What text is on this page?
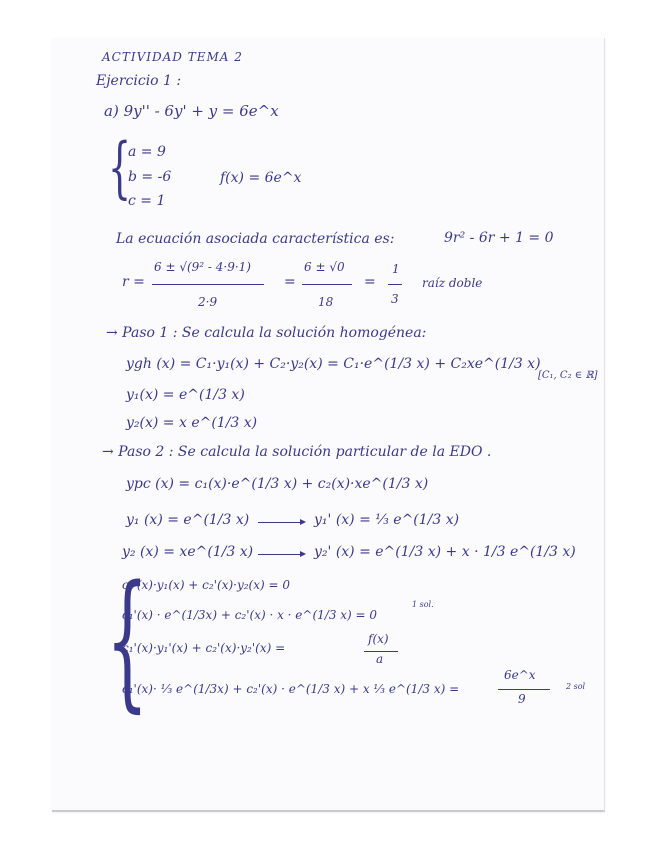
ACTIVIDAD TEMA 2
Ejercicio 1 :
a) 9y'' - 6y' + y = 6e^x
{
a = 9
b = -6
c = 1
f(x) = 6e^x
La ecuación asociada característica es:	9r² - 6r + 1 = 0
r =
6 ± √(9² - 4·9·1)
2·9
=
6 ± √0
18
=
1
3
raíz doble
→ Paso 1 : Se calcula la solución homogénea:
ygh (x) = C₁·y₁(x) + C₂·y₂(x) = C₁·e^(1/3 x) + C₂xe^(1/3 x)
[C₁, C₂ ∈ ℝ]
y₁(x) = e^(1/3 x)
y₂(x) = x e^(1/3 x)
→ Paso 2 : Se calcula la solución particular de la EDO .
ypc (x) = c₁(x)·e^(1/3 x) + c₂(x)·xe^(1/3 x)
y₁ (x) = e^(1/3 x)	y₁' (x) = ⅓ e^(1/3 x)
y₂ (x) = xe^(1/3 x)	y₂' (x) = e^(1/3 x) + x · 1/3 e^(1/3 x)
{
c₁'(x)·y₁(x) + c₂'(x)·y₂(x) = 0
c₁'(x) · e^(1/3x) + c₂'(x) · x · e^(1/3 x) = 0
1 sol.
c₁'(x)·y₁'(x) + c₂'(x)·y₂'(x) =
f(x)
a
c₁'(x)· ⅓ e^(1/3x) + c₂'(x) · e^(1/3 x) + x ⅓ e^(1/3 x) =
6e^x
9
2 sol
